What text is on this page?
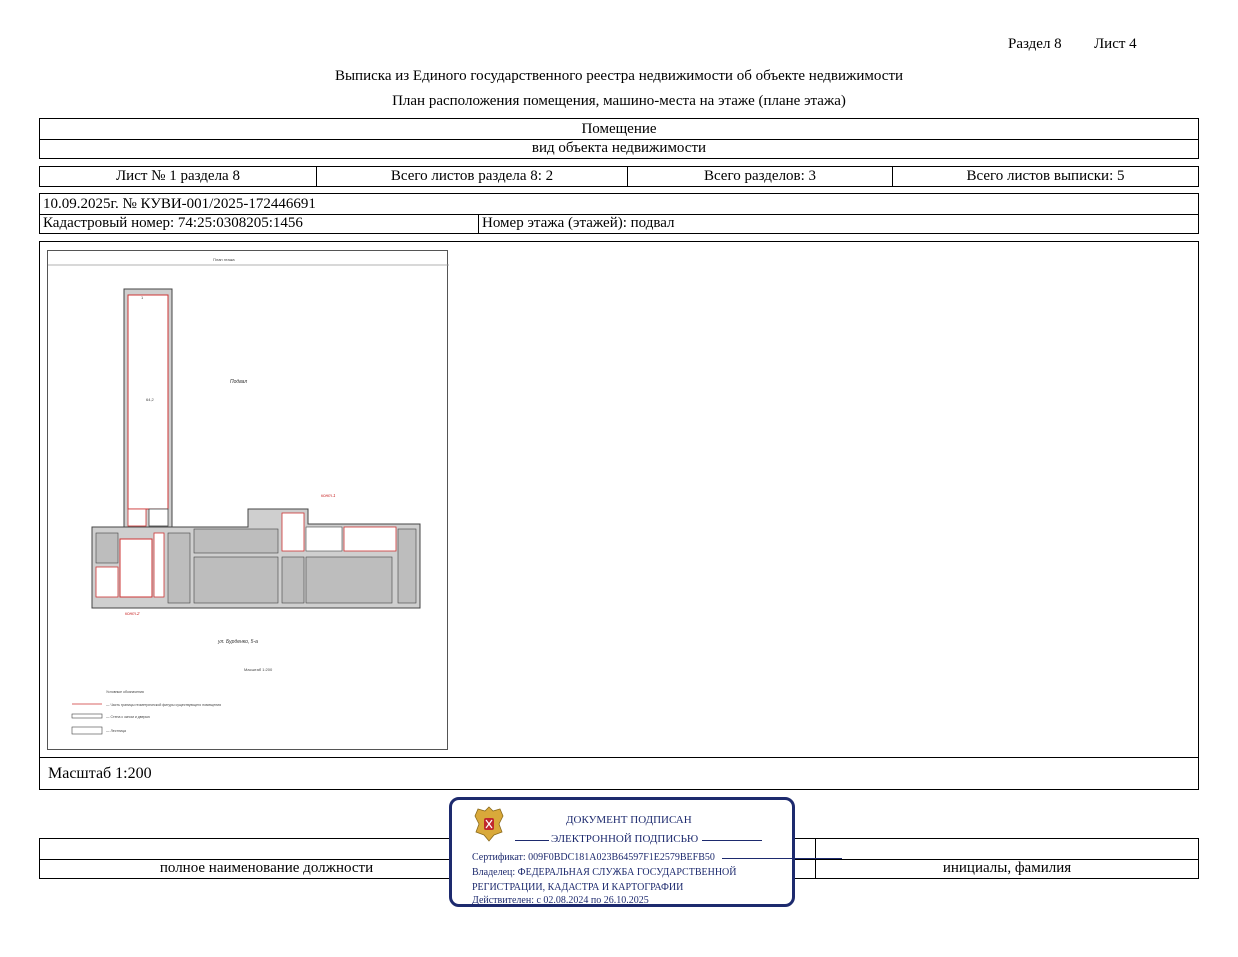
Раздел 8 Лист 4
Выписка из Единого государственного реестра недвижимости об объекте недвижимости
План расположения помещения, машино-места на этаже (плане этажа)
Помещение
вид объекта недвижимости
Лист № 1 раздела 8	Всего листов раздела 8: 2	Всего разделов: 3	Всего листов выписки: 5
10.09.2025г. № КУВИ-001/2025-172446691
Кадастровый номер: 74:25:0308205:1456	Номер этажа (этажей): подвал
Масштаб 1:200
План этажа
1
64,2
Подвал
конт.1
конт.2
ул. Бурденко, 5-а
Масштаб 1:200
Условные обозначения
— Часть границы геометрической фигуры существующего помещения
— Стена с окном и дверью
— Лестница
полное наименование должности	инициалы, фамилия
ДОКУМЕНТ ПОДПИСАН
ЭЛЕКТРОННОЙ ПОДПИСЬЮ
Сертификат: 009F0BDC181A023B64597F1E2579BEFB50
Владелец: ФЕДЕРАЛЬНАЯ СЛУЖБА ГОСУДАРСТВЕННОЙ
РЕГИСТРАЦИИ, КАДАСТРА И КАРТОГРАФИИ
Действителен: с 02.08.2024 по 26.10.2025
